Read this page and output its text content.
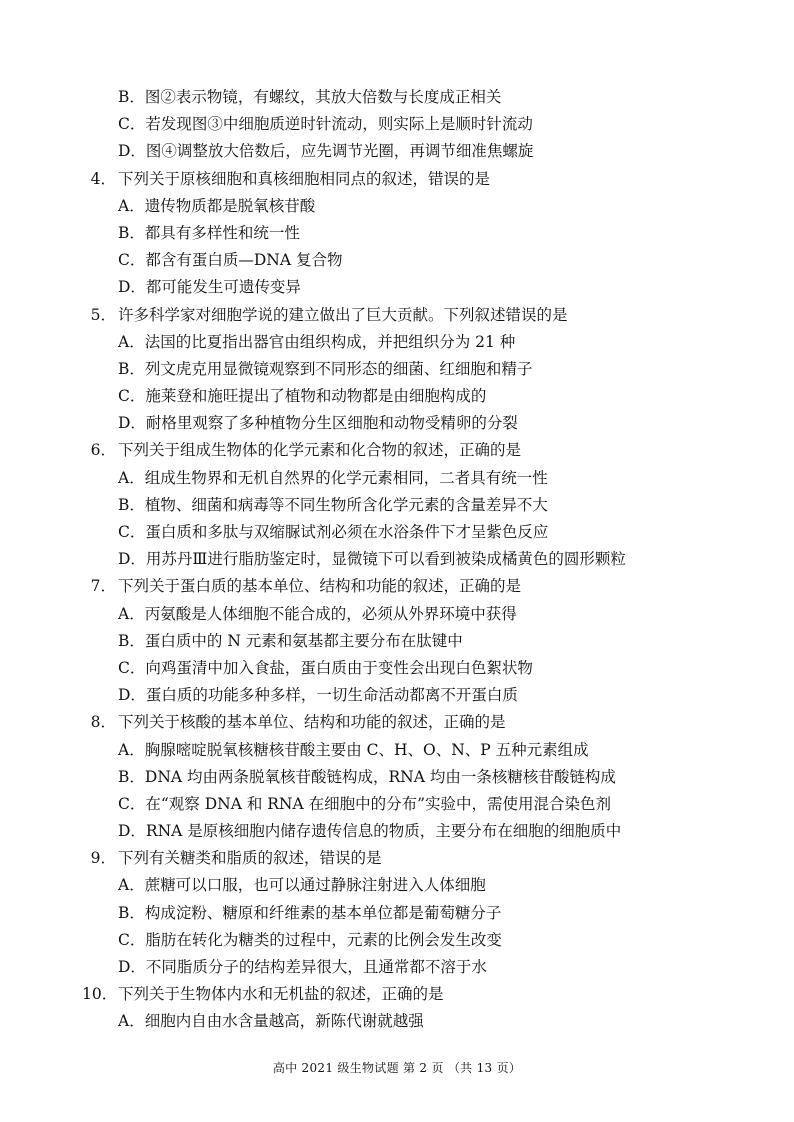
B．图②表示物镜，有螺纹，其放大倍数与长度成正相关
C．若发现图③中细胞质逆时针流动，则实际上是顺时针流动
D．图④调整放大倍数后，应先调节光圈，再调节细准焦螺旋
4． 下列关于原核细胞和真核细胞相同点的叙述，错误的是
A．遗传物质都是脱氧核苷酸
B．都具有多样性和统一性
C．都含有蛋白质—DNA 复合物
D．都可能发生可遗传变异
5． 许多科学家对细胞学说的建立做出了巨大贡献。下列叙述错误的是
A．法国的比夏指出器官由组织构成，并把组织分为 21 种
B．列文虎克用显微镜观察到不同形态的细菌、红细胞和精子
C．施莱登和施旺提出了植物和动物都是由细胞构成的
D．耐格里观察了多种植物分生区细胞和动物受精卵的分裂
6． 下列关于组成生物体的化学元素和化合物的叙述，正确的是
A．组成生物界和无机自然界的化学元素相同，二者具有统一性
B．植物、细菌和病毒等不同生物所含化学元素的含量差异不大
C．蛋白质和多肽与双缩脲试剂必须在水浴条件下才呈紫色反应
D．用苏丹Ⅲ进行脂肪鉴定时，显微镜下可以看到被染成橘黄色的圆形颗粒
7． 下列关于蛋白质的基本单位、结构和功能的叙述，正确的是
A．丙氨酸是人体细胞不能合成的，必须从外界环境中获得
B．蛋白质中的 N 元素和氨基都主要分布在肽键中
C．向鸡蛋清中加入食盐，蛋白质由于变性会出现白色絮状物
D．蛋白质的功能多种多样，一切生命活动都离不开蛋白质
8． 下列关于核酸的基本单位、结构和功能的叙述，正确的是
A．胸腺嘧啶脱氧核糖核苷酸主要由 C、H、O、N、P 五种元素组成
B．DNA 均由两条脱氧核苷酸链构成，RNA 均由一条核糖核苷酸链构成
C．在“观察 DNA 和 RNA 在细胞中的分布”实验中，需使用混合染色剂
D．RNA 是原核细胞内储存遗传信息的物质，主要分布在细胞的细胞质中
9． 下列有关糖类和脂质的叙述，错误的是
A．蔗糖可以口服，也可以通过静脉注射进入人体细胞
B．构成淀粉、糖原和纤维素的基本单位都是葡萄糖分子
C．脂肪在转化为糖类的过程中，元素的比例会发生改变
D．不同脂质分子的结构差异很大，且通常都不溶于水
10． 下列关于生物体内水和无机盐的叙述，正确的是
A．细胞内自由水含量越高，新陈代谢就越强
高中 2021 级生物试题 第 2 页 （共 13 页）
